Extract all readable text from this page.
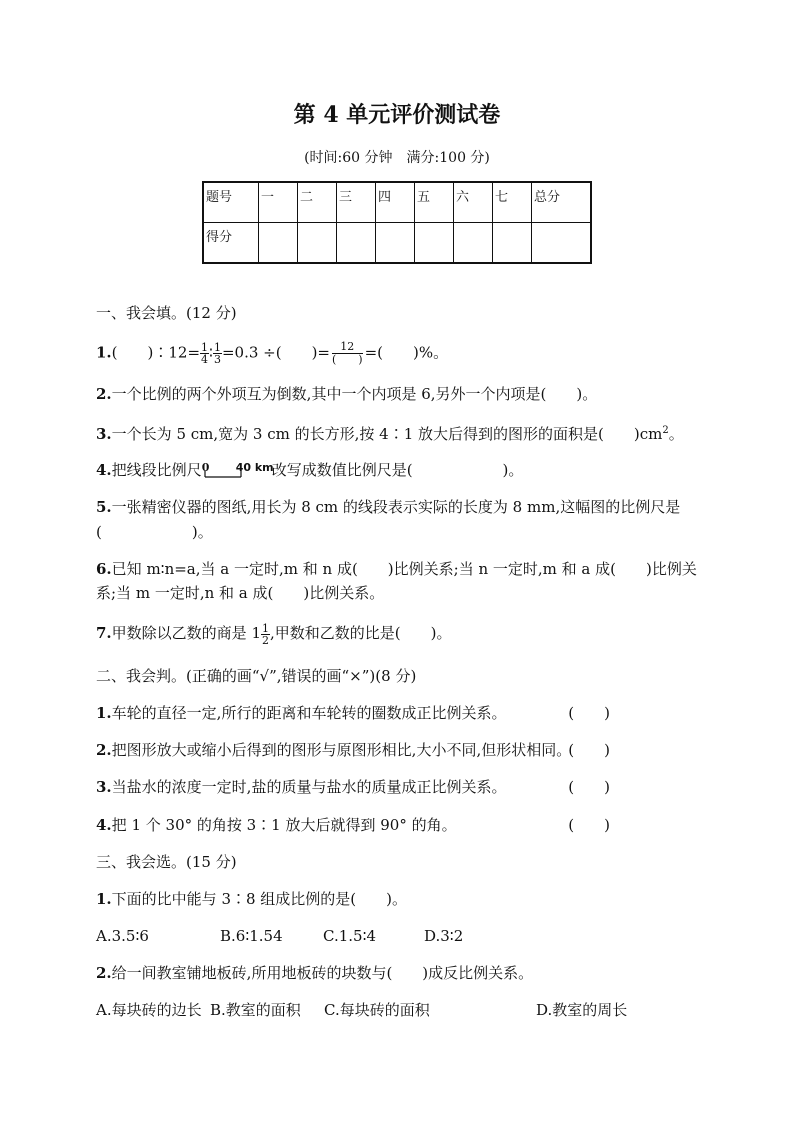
第 4 单元评价测试卷
(时间:60 分钟　满分:100 分)
题号	一	二	三	四	五	六	七	总分
得分								
一、我会填。(12 分)
1.(　　)∶12= $\frac{1}{4}$ ∶ $\frac{1}{3} =0.3$ ÷(　　)= 12
(　　) =(　　)%。
2.一个比例的两个外项互为倒数,其中一个内项是 6,另外一个内项是(　　)。
3.一个长为 5 cm,宽为 3 cm 的长方形,按 4∶1 放大后得到的图形的面积是(　　)$cm^2$。
4.把线段比例尺 0 40 km
改写成数值比例尺是(　　　　　　)。
5.一张精密仪器的图纸,用长为 8 cm 的线段表示实际的长度为 8 mm,这幅图的比例尺是
(　　　　　　)。
6.已知 m∶n=a,当 a 一定时,m 和 n 成(　　)比例关系;当 n 一定时,m 和 a 成(　　)比例关
系;当 m 一定时,n 和 a 成(　　)比例关系。
7.甲数除以乙数的商是 $1 \frac{1}{2}$ ,甲数和乙数的比是(　　)。
二、我会判。(正确的画“√”,错误的画“×”)(8 分)
1.车轮的直径一定,所行的距离和车轮转的圈数成正比例关系。	(　　)
2.把图形放大或缩小后得到的图形与原图形相比,大小不同,但形状相同。
(　　)
3.当盐水的浓度一定时,盐的质量与盐水的质量成正比例关系。	(　　)
4.把 1 个 30° 的角按 3∶1 放大后就得到 90° 的角。	(　　)
三、我会选。(15 分)
1.下面的比中能与 3∶8 组成比例的是(　　)。
A.3.5∶6	B.6∶1.54	C.1.5∶4	D.3∶2
2.给一间教室铺地板砖,所用地板砖的块数与(　　)成反比例关系。
A.每块砖的边长 B.教室的面积 C.每块砖的面积	D.教室的周长
